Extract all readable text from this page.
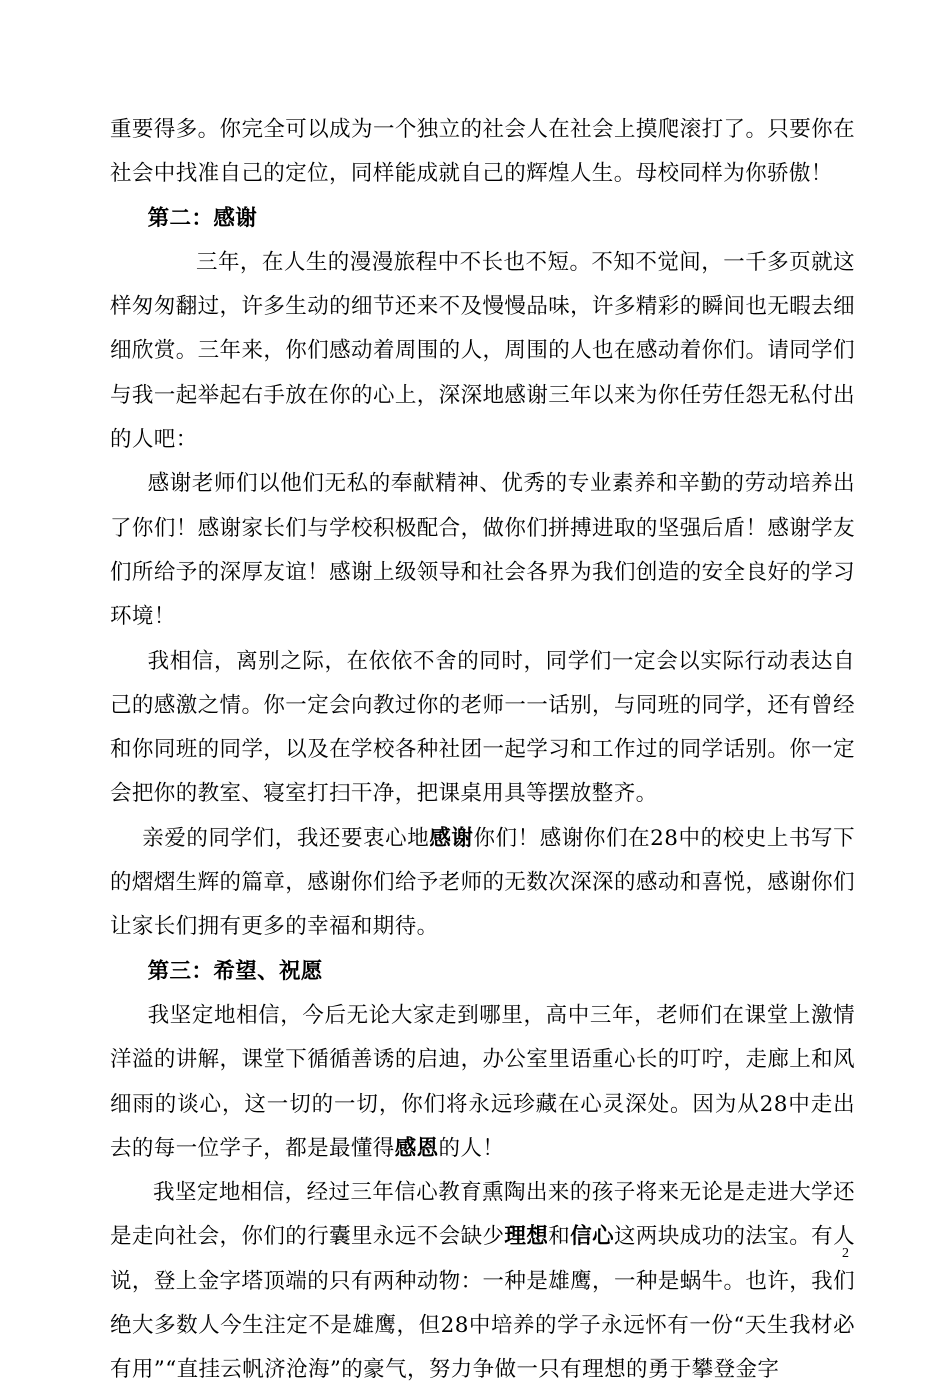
重要得多。你完全可以成为一个独立的社会人在社会上摸爬滚打了。只要你在社会中找准自己的定位，同样能成就自己的辉煌人生。母校同样为你骄傲！

第二：感谢

三年，在人生的漫漫旅程中不长也不短。不知不觉间，一千多页就这样匆匆翻过，许多生动的细节还来不及慢慢品味，许多精彩的瞬间也无暇去细细欣赏。三年来，你们感动着周围的人，周围的人也在感动着你们。请同学们与我一起举起右手放在你的心上，深深地感谢三年以来为你任劳任怨无私付出的人吧：

感谢老师们以他们无私的奉献精神、优秀的专业素养和辛勤的劳动培养出了你们！感谢家长们与学校积极配合，做你们拼搏进取的坚强后盾！感谢学友们所给予的深厚友谊！感谢上级领导和社会各界为我们创造的安全良好的学习环境！

我相信，离别之际，在依依不舍的同时，同学们一定会以实际行动表达自己的感激之情。你一定会向教过你的老师一一话别，与同班的同学，还有曾经和你同班的同学，以及在学校各种社团一起学习和工作过的同学话别。你一定会把你的教室、寝室打扫干净，把课桌用具等摆放整齐。

亲爱的同学们，我还要衷心地感谢你们！感谢你们在28中的校史上书写下的熠熠生辉的篇章，感谢你们给予老师的无数次深深的感动和喜悦，感谢你们让家长们拥有更多的幸福和期待。

第三：希望、祝愿

我坚定地相信，今后无论大家走到哪里，高中三年，老师们在课堂上激情洋溢的讲解，课堂下循循善诱的启迪，办公室里语重心长的叮咛，走廊上和风细雨的谈心，这一切的一切，你们将永远珍藏在心灵深处。因为从28中走出去的每一位学子，都是最懂得感恩的人！

我坚定地相信，经过三年信心教育熏陶出来的孩子将来无论是走进大学还是走向社会，你们的行囊里永远不会缺少理想和信心这两块成功的法宝。有人说，登上金字塔顶端的只有两种动物：一种是雄鹰，一种是蜗牛。也许，我们绝大多数人今生注定不是雄鹰，但28中培养的学子永远怀有一份“天生我材必有用”“直挂云帆济沧海”的豪气，努力争做一只有理想的勇于攀登金字

2
